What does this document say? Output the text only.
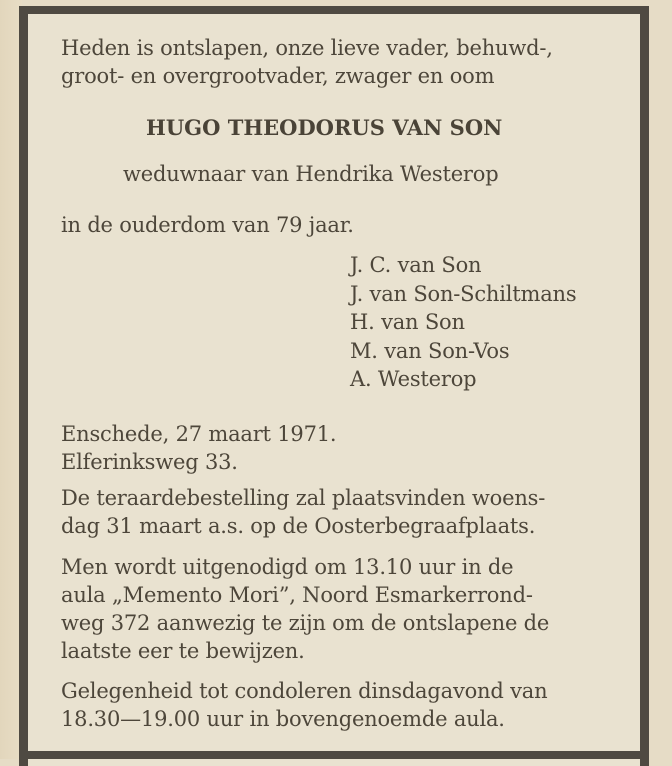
Heden is ontslapen, onze lieve vader, behuwd-,
groot- en overgrootvader, zwager en oom
HUGO THEODORUS VAN SON
weduwnaar van Hendrika Westerop
in de ouderdom van 79 jaar.
J. C. van Son
J. van Son-Schiltmans
H. van Son
M. van Son-Vos
A. Westerop
Enschede, 27 maart 1971.
Elferinksweg 33.
De teraardebestelling zal plaatsvinden woens-
dag 31 maart a.s. op de Oosterbegraafplaats.
Men wordt uitgenodigd om 13.10 uur in de
aula „Memento Mori”, Noord Esmarkerrond-
weg 372 aanwezig te zijn om de ontslapene de
laatste eer te bewijzen.
Gelegenheid tot condoleren dinsdagavond van
18.30—19.00 uur in bovengenoemde aula.
